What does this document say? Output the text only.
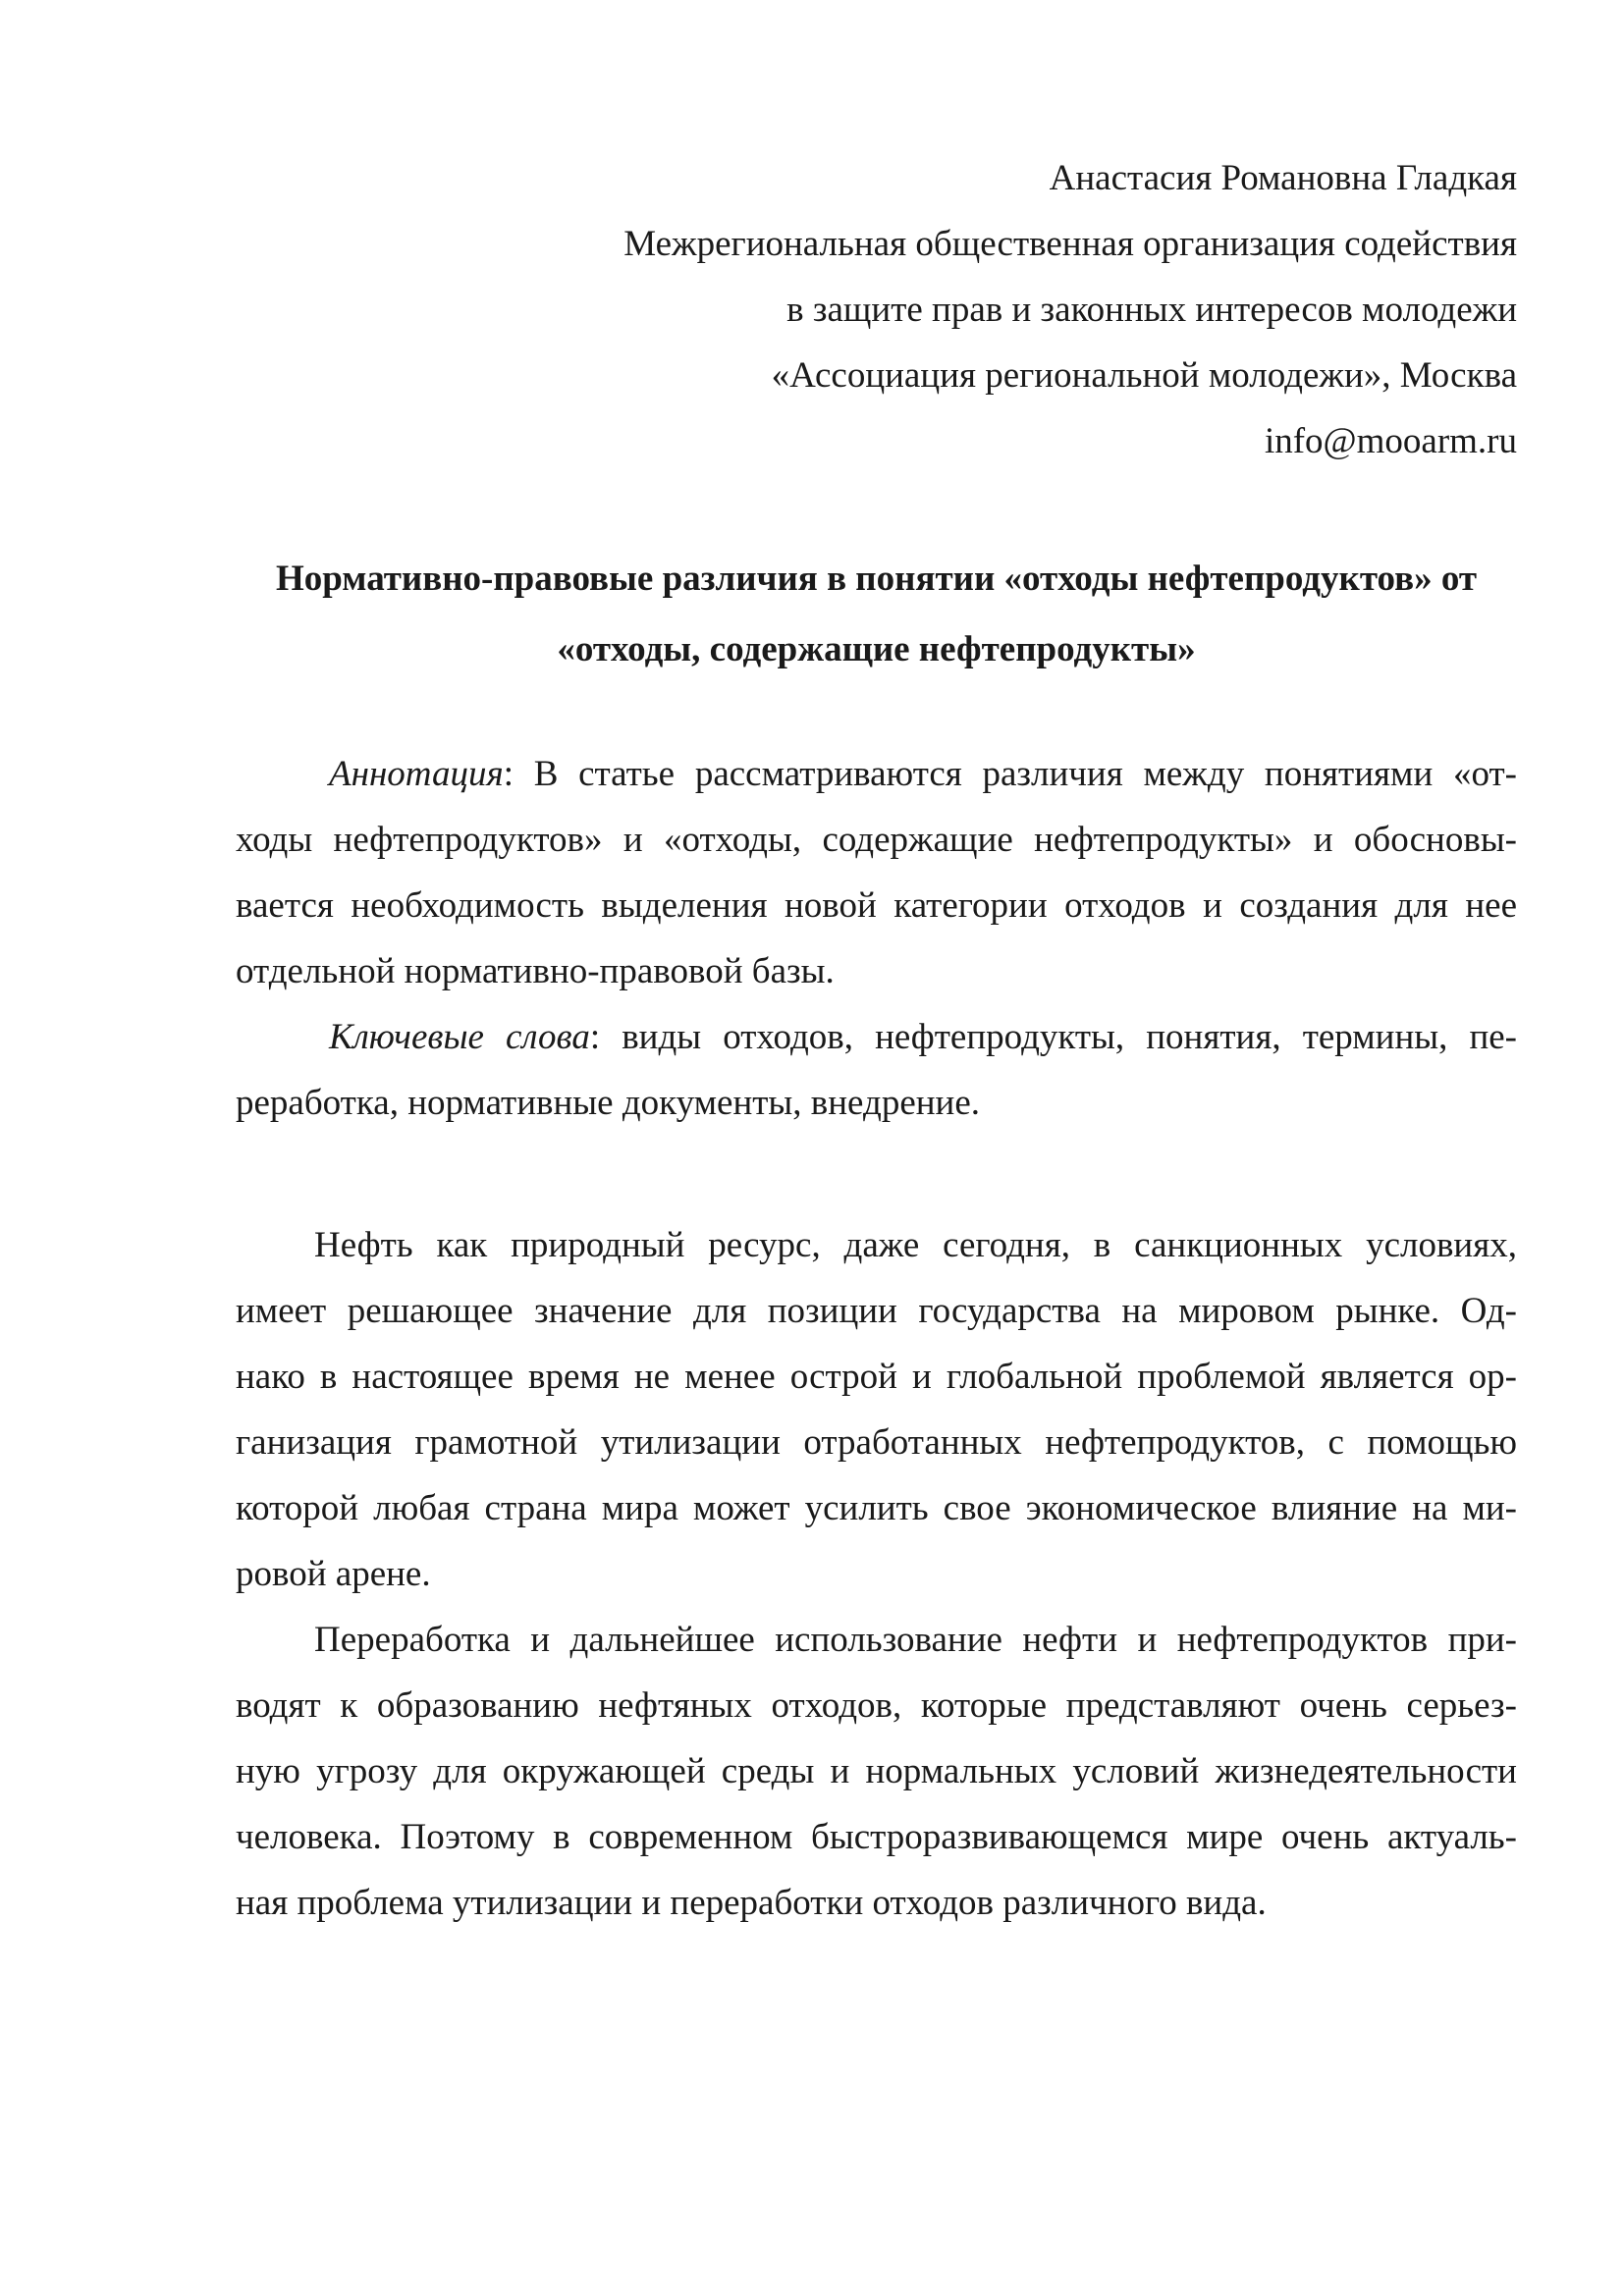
Анастасия Романовна Гладкая
Межрегиональная общественная организация содействия
в защите прав и законных интересов молодежи
«Ассоциация региональной молодежи», Москва
info@mooarm.ru
Нормативно-правовые различия в понятии «отходы нефтепродуктов» от
«отходы, содержащие нефтепродукты»
Аннотация: В статье рассматриваются различия между понятиями «от-
ходы нефтепродуктов» и «отходы, содержащие нефтепродукты» и обосновы-
вается необходимость выделения новой категории отходов и создания для нее
отдельной нормативно-правовой базы.
Ключевые слова: виды отходов, нефтепродукты, понятия, термины, пе-
реработка, нормативные документы, внедрение.
Нефть как природный ресурс, даже сегодня, в санкционных условиях,
имеет решающее значение для позиции государства на мировом рынке. Од-
нако в настоящее время не менее острой и глобальной проблемой является ор-
ганизация грамотной утилизации отработанных нефтепродуктов, с помощью
которой любая страна мира может усилить свое экономическое влияние на ми-
ровой арене.
Переработка и дальнейшее использование нефти и нефтепродуктов при-
водят к образованию нефтяных отходов, которые представляют очень серьез-
ную угрозу для окружающей среды и нормальных условий жизнедеятельности
человека. Поэтому в современном быстроразвивающемся мире очень актуаль-
ная проблема утилизации и переработки отходов различного вида.
